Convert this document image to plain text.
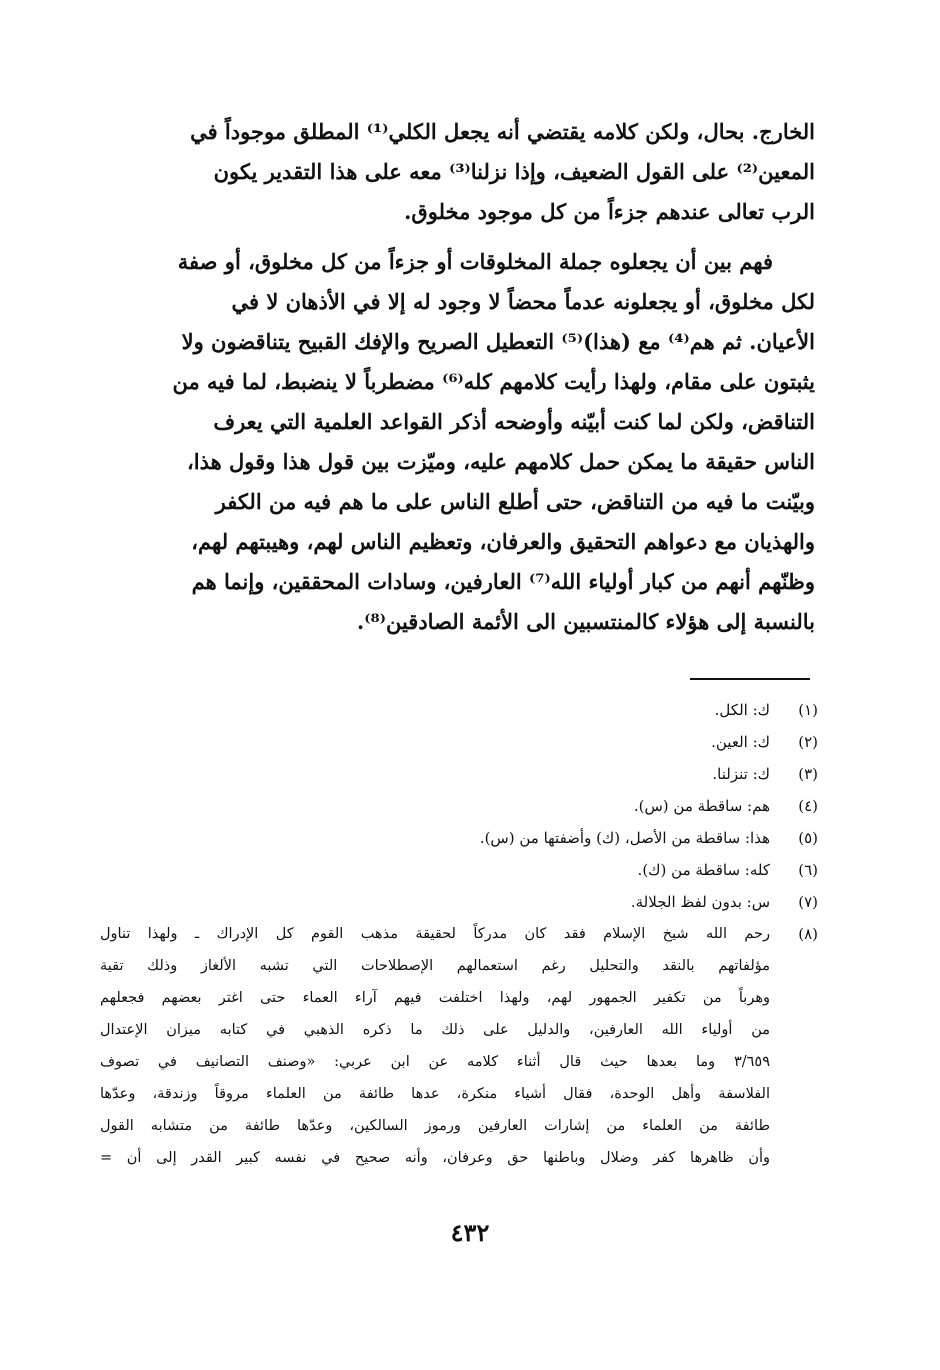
الخارج. بحال، ولكن كلامه يقتضي أنه يجعل الكلي⁽¹⁾ المطلق موجوداً في
المعين⁽²⁾ على القول الضعيف، وإذا نزلنا⁽³⁾ معه على هذا التقدير يكون
الرب تعالى عندهم جزءاً من كل موجود مخلوق.
فهم بين أن يجعلوه جملة المخلوقات أو جزءاً من كل مخلوق، أو صفة
لكل مخلوق، أو يجعلونه عدماً محضاً لا وجود له إلا في الأذهان لا في
الأعيان. ثم هم⁽⁴⁾ مع (هذا)⁽⁵⁾ التعطيل الصريح والإفك القبيح يتناقضون ولا
يثبتون على مقام، ولهذا رأيت كلامهم كله⁽⁶⁾ مضطرباً لا ينضبط، لما فيه من
التناقض، ولكن لما كنت أبيّنه وأوضحه أذكر القواعد العلمية التي يعرف
الناس حقيقة ما يمكن حمل كلامهم عليه، وميّزت بين قول هذا وقول هذا،
وبيّنت ما فيه من التناقض، حتى أطلع الناس على ما هم فيه من الكفر
والهذيان مع دعواهم التحقيق والعرفان، وتعظيم الناس لهم، وهيبتهم لهم،
وظنّهم أنهم من كبار أولياء الله⁽⁷⁾ العارفين، وسادات المحققين، وإنما هم
بالنسبة إلى هؤلاء كالمنتسبين الى الأئمة الصادقين⁽⁸⁾.
(١)
ك: الكل.
(٢)
ك: العين.
(٣)
ك: تنزلنا.
(٤)
هم: ساقطة من (س).
(٥)
هذا: ساقطة من الأصل، (ك) وأضفتها من (س).
(٦)
كله: ساقطة من (ك).
(٧)
س: بدون لفظ الجلالة.
(٨)
رحم الله شيخ الإسلام فقد كان مدركاً لحقيقة مذهب القوم كل الإدراك ـ ولهذا تناول
مؤلفاتهم بالنقد والتحليل رغم استعمالهم الإصطلاحات التي تشبه الألغاز وذلك تقية
وهرباً من تكفير الجمهور لهم، ولهذا اختلفت فيهم آراء العماء حتى اغتر بعضهم فجعلهم
من أولياء الله العارفين، والدليل على ذلك ما ذكره الذهبي في كتابه ميزان الإعتدال
٣/٦٥٩ وما بعدها حيث قال أثناء كلامه عن ابن عربي: «وصنف التصانيف في تصوف
الفلاسفة وأهل الوحدة، فقال أشياء منكرة، عدها طائفة من العلماء مروقاً وزندقة، وعدّها
طائفة من العلماء من إشارات العارفين ورموز السالكين، وعدّها طائفة من متشابه القول
وأن ظاهرها كفر وضلال وباطنها حق وعرفان، وأنه صحيح في نفسه كبير القدر إلى أن =
٤٣٢
